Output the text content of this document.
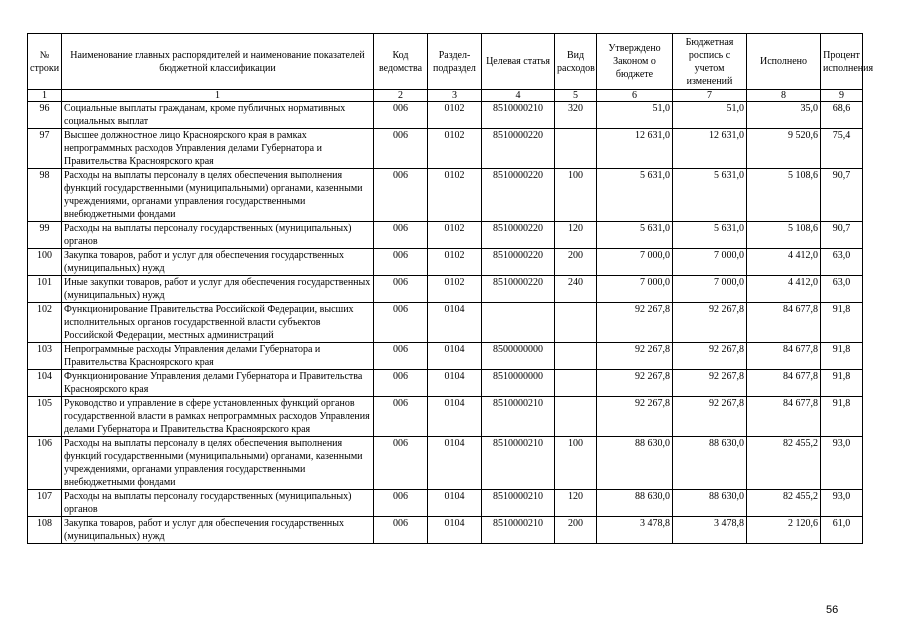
№ строки	Наименование главных распорядителей и наименование показателей бюджетной классификации	Код ведомства	Раздел-подраздел	Целевая статья	Вид расходов	Утверждено Законом о бюджете	Бюджетная роспись с учетом изменений	Исполнено	Процент исполнения
1	1	2	3	4	5	6	7	8	9
96	Социальные выплаты гражданам, кроме публичных нормативных социальных выплат	006	0102	8510000210	320	51,0	51,0	35,0	68,6
97	Высшее должностное лицо Красноярского края в рамках непрограммных расходов Управления делами Губернатора и Правительства Красноярского края	006	0102	8510000220		12 631,0	12 631,0	9 520,6	75,4
98	Расходы на выплаты персоналу в целях обеспечения выполнения функций государственными (муниципальными) органами, казенными учреждениями, органами управления государственными внебюджетными фондами	006	0102	8510000220	100	5 631,0	5 631,0	5 108,6	90,7
99	Расходы на выплаты персоналу государственных (муниципальных) органов	006	0102	8510000220	120	5 631,0	5 631,0	5 108,6	90,7
100	Закупка товаров, работ и услуг для обеспечения государственных (муниципальных) нужд	006	0102	8510000220	200	7 000,0	7 000,0	4 412,0	63,0
101	Иные закупки товаров, работ и услуг для обеспечения государственных (муниципальных) нужд	006	0102	8510000220	240	7 000,0	7 000,0	4 412,0	63,0
102	Функционирование Правительства Российской Федерации, высших исполнительных органов государственной власти субъектов Российской Федерации, местных администраций	006	0104			92 267,8	92 267,8	84 677,8	91,8
103	Непрограммные расходы Управления делами Губернатора и Правительства Красноярского края	006	0104	8500000000		92 267,8	92 267,8	84 677,8	91,8
104	Функционирование Управления делами Губернатора и Правительства Красноярского края	006	0104	8510000000		92 267,8	92 267,8	84 677,8	91,8
105	Руководство и управление в сфере установленных функций органов государственной власти в рамках непрограммных расходов Управления делами Губернатора и Правительства Красноярского края	006	0104	8510000210		92 267,8	92 267,8	84 677,8	91,8
106	Расходы на выплаты персоналу в целях обеспечения выполнения функций государственными (муниципальными) органами, казенными учреждениями, органами управления государственными внебюджетными фондами	006	0104	8510000210	100	88 630,0	88 630,0	82 455,2	93,0
107	Расходы на выплаты персоналу государственных (муниципальных) органов	006	0104	8510000210	120	88 630,0	88 630,0	82 455,2	93,0
108	Закупка товаров, работ и услуг для обеспечения государственных (муниципальных) нужд	006	0104	8510000210	200	3 478,8	3 478,8	2 120,6	61,0
56
